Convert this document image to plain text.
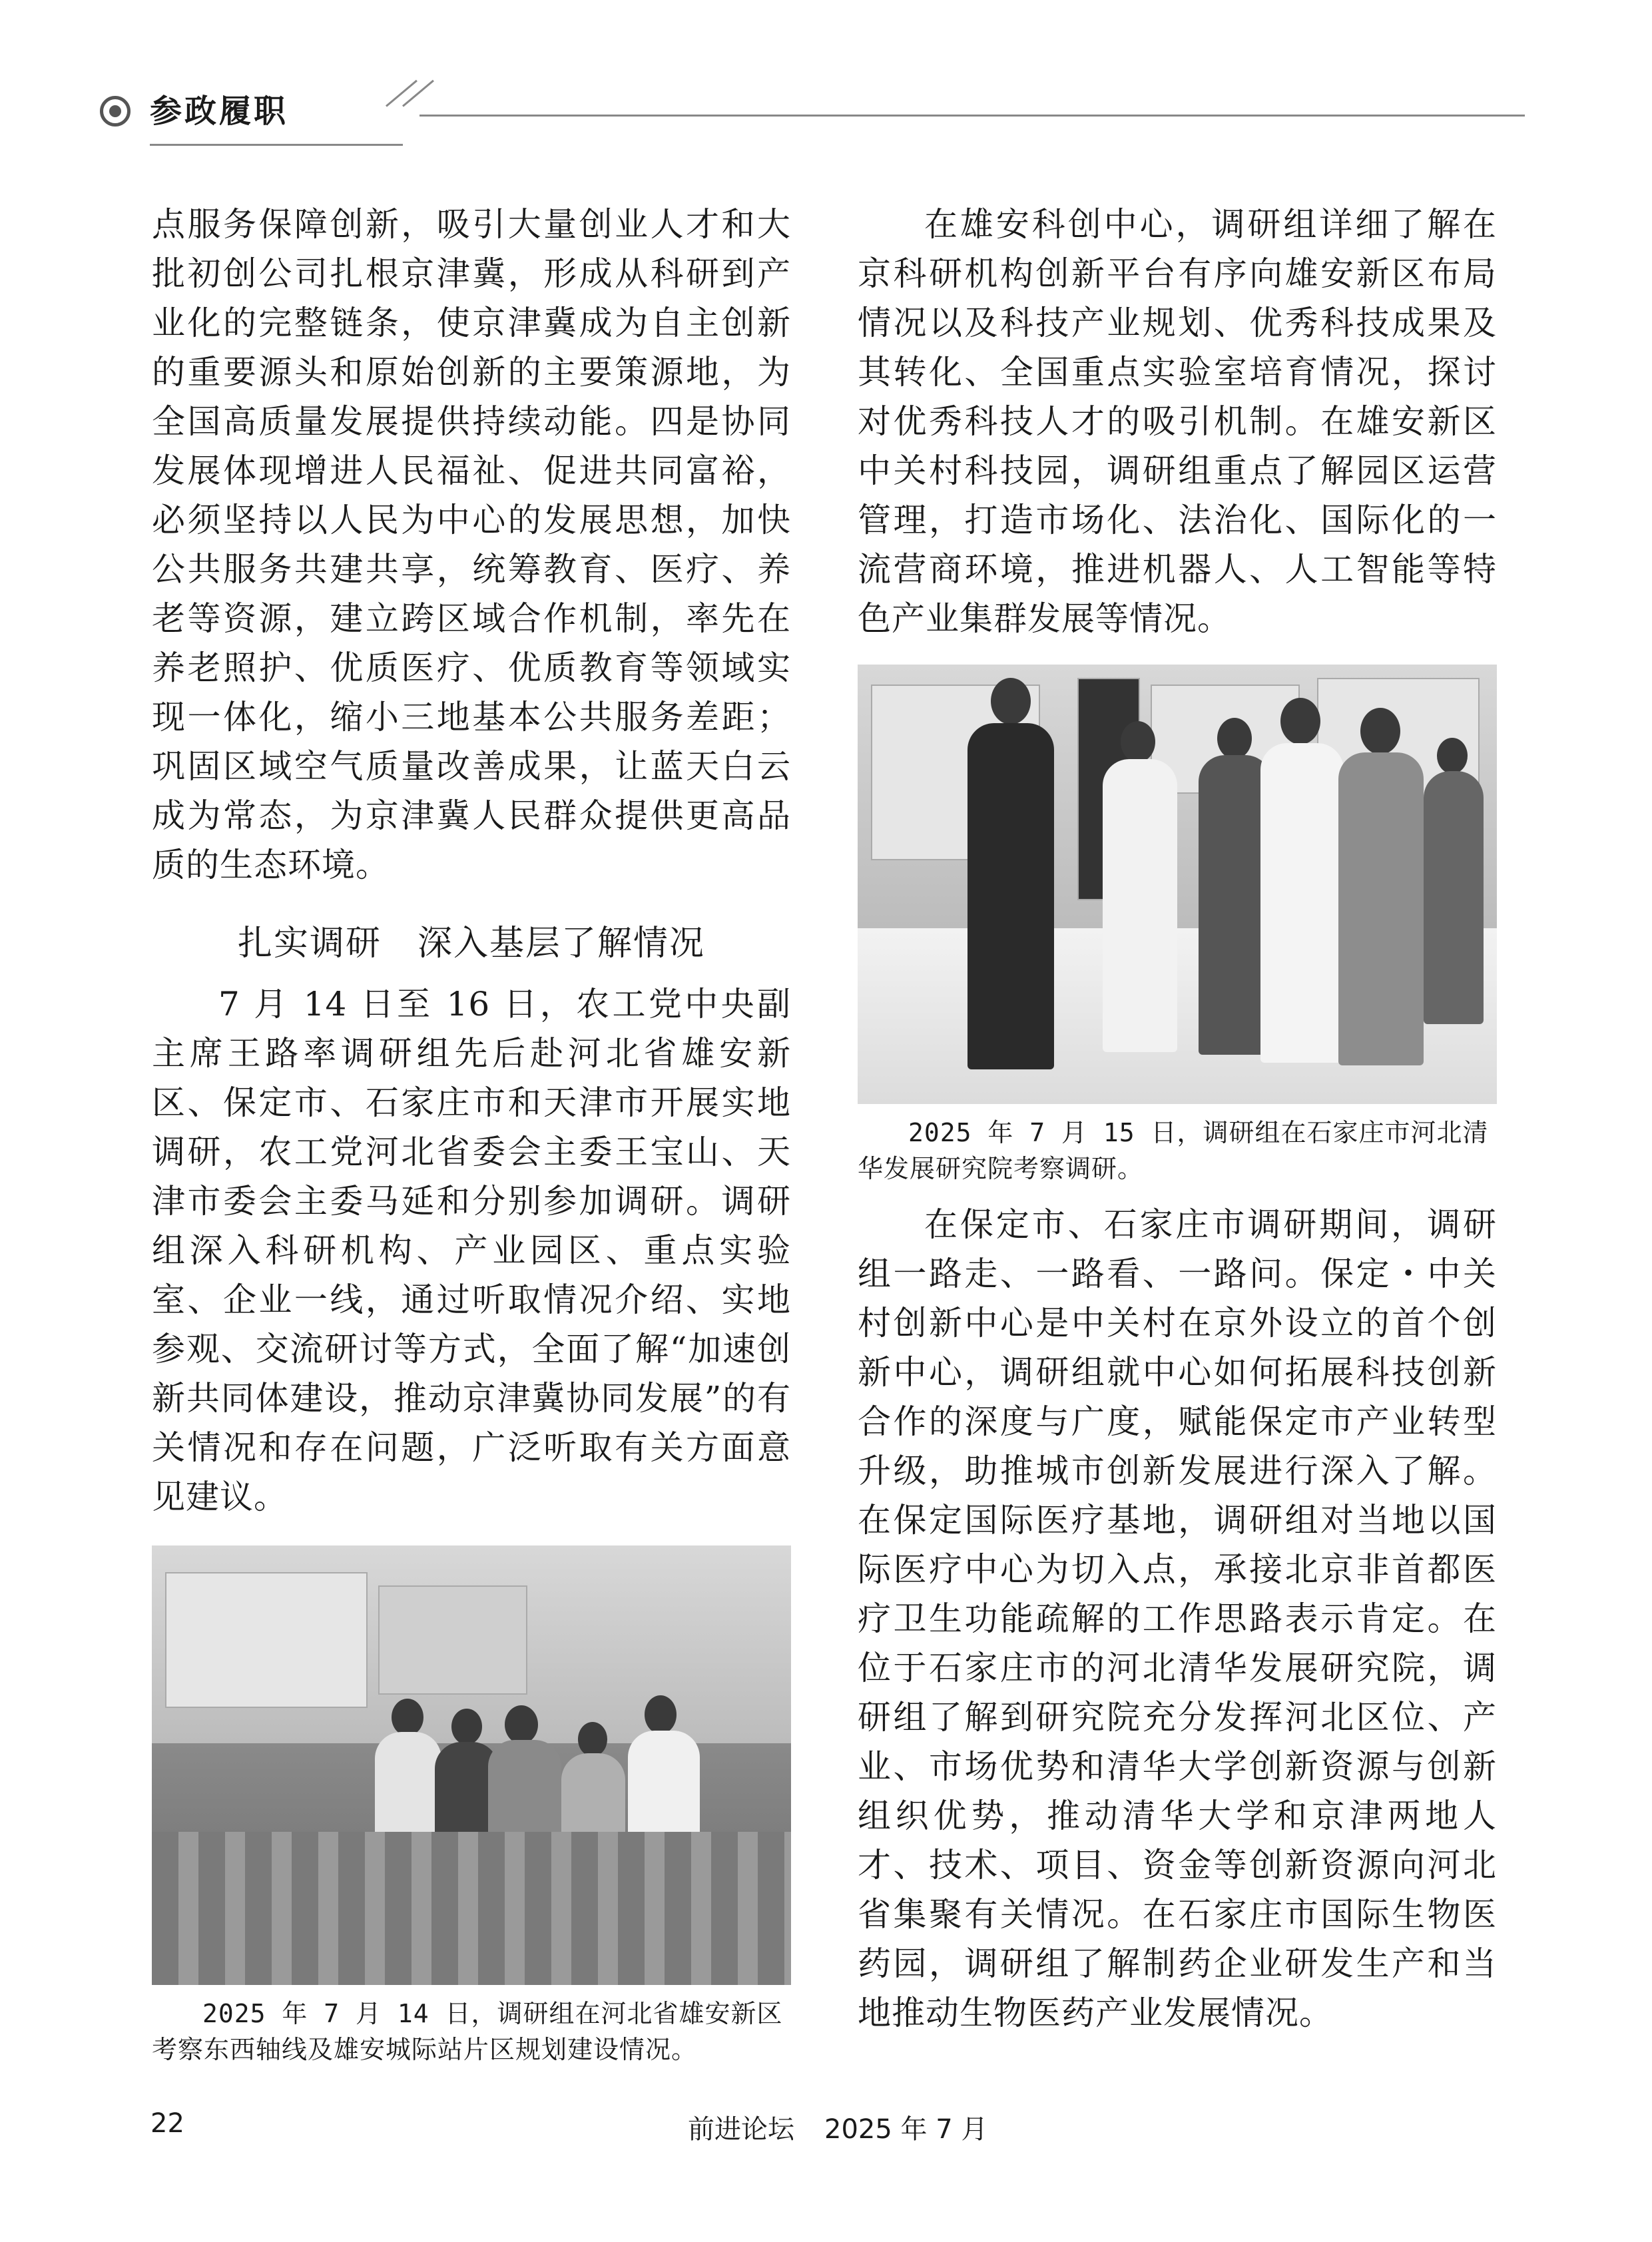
参政履职

点服务保障创新，吸引大量创业人才和大批初创公司扎根京津冀，形成从科研到产业化的完整链条，使京津冀成为自主创新的重要源头和原始创新的主要策源地，为全国高质量发展提供持续动能。四是协同发展体现增进人民福祉、促进共同富裕，必须坚持以人民为中心的发展思想，加快公共服务共建共享，统筹教育、医疗、养老等资源，建立跨区域合作机制，率先在养老照护、优质医疗、优质教育等领域实现一体化，缩小三地基本公共服务差距；巩固区域空气质量改善成果，让蓝天白云成为常态，为京津冀人民群众提供更高品质的生态环境。

扎实调研　深入基层了解情况

7 月 14 日至 16 日，农工党中央副主席王路率调研组先后赴河北省雄安新区、保定市、石家庄市和天津市开展实地调研，农工党河北省委会主委王宝山、天津市委会主委马延和分别参加调研。调研组深入科研机构、产业园区、重点实验室、企业一线，通过听取情况介绍、实地参观、交流研讨等方式，全面了解“加速创新共同体建设，推动京津冀协同发展”的有关情况和存在问题，广泛听取有关方面意见建议。

2025 年 7 月 14 日，调研组在河北省雄安新区考察东西轴线及雄安城际站片区规划建设情况。

在雄安科创中心，调研组详细了解在京科研机构创新平台有序向雄安新区布局情况以及科技产业规划、优秀科技成果及其转化、全国重点实验室培育情况，探讨对优秀科技人才的吸引机制。在雄安新区中关村科技园，调研组重点了解园区运营管理，打造市场化、法治化、国际化的一流营商环境，推进机器人、人工智能等特色产业集群发展等情况。

2025 年 7 月 15 日，调研组在石家庄市河北清华发展研究院考察调研。

在保定市、石家庄市调研期间，调研组一路走、一路看、一路问。保定・中关村创新中心是中关村在京外设立的首个创新中心，调研组就中心如何拓展科技创新合作的深度与广度，赋能保定市产业转型升级，助推城市创新发展进行深入了解。在保定国际医疗基地，调研组对当地以国际医疗中心为切入点，承接北京非首都医疗卫生功能疏解的工作思路表示肯定。在位于石家庄市的河北清华发展研究院，调研组了解到研究院充分发挥河北区位、产业、市场优势和清华大学创新资源与创新组织优势，推动清华大学和京津两地人才、技术、项目、资金等创新资源向河北省集聚有关情况。在石家庄市国际生物医药园，调研组了解制药企业研发生产和当地推动生物医药产业发展情况。

22	前进论坛 2025 年 7 月
